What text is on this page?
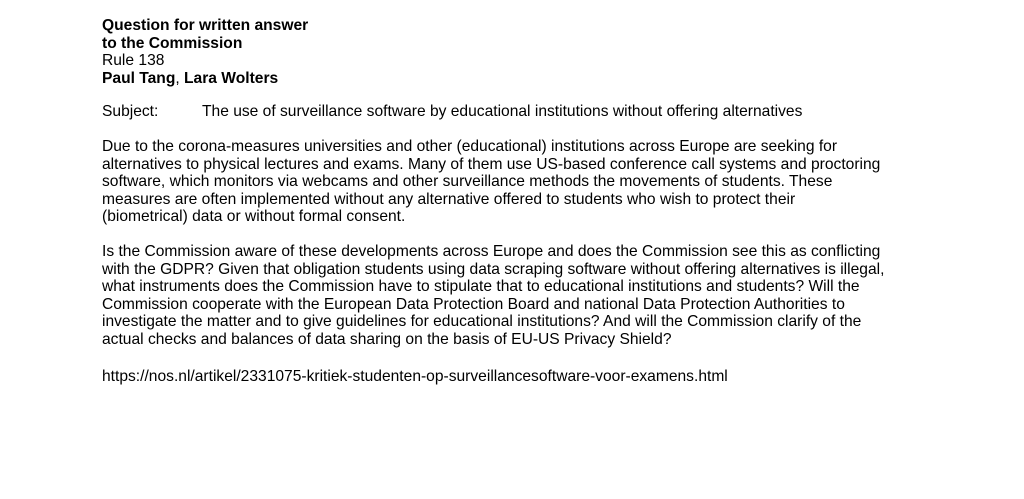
Question for written answer
to the Commission
Rule 138
Paul Tang, Lara Wolters
Subject:	The use of surveillance software by educational institutions without offering alternatives

Due to the corona-measures universities and other (educational) institutions across Europe are seeking for alternatives to physical lectures and exams. Many of them use US-based conference call systems and proctoring software, which monitors via webcams and other surveillance methods the movements of students. These measures are often implemented without any alternative offered to students who wish to protect their (biometrical) data or without formal consent.

Is the Commission aware of these developments across Europe and does the Commission see this as conflicting with the GDPR? Given that obligation students using data scraping software without offering alternatives is illegal, what instruments does the Commission have to stipulate that to educational institutions and students? Will the Commission cooperate with the European Data Protection Board and national Data Protection Authorities to investigate the matter and to give guidelines for educational institutions? And will the Commission clarify of the actual checks and balances of data sharing on the basis of EU-US Privacy Shield?

https://nos.nl/artikel/2331075-kritiek-studenten-op-surveillancesoftware-voor-examens.html
